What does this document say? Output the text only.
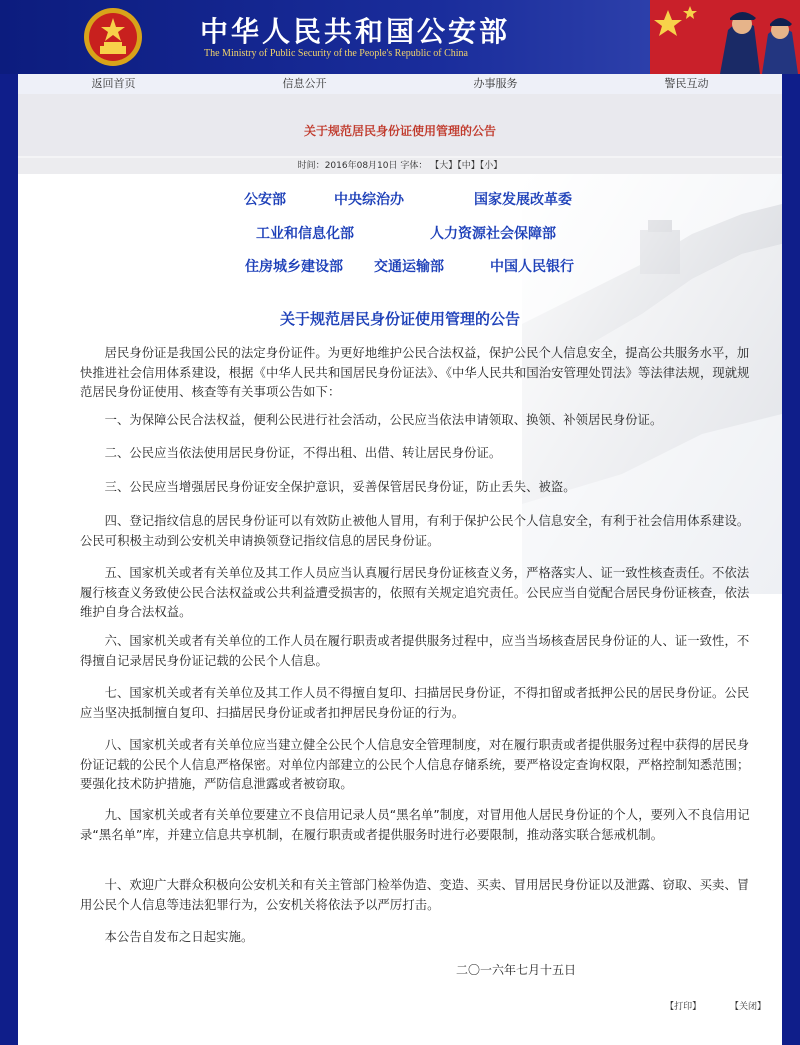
中华人民共和国公安部
The Ministry of Public Security of the People's Republic of China
返回首页	信息公开	办事服务	警民互动
关于规范居民身份证使用管理的公告
时间：2016年08月10日 字体： 【大】【中】【小】
公安部	中央综治办	国家发展改革委
工业和信息化部	人力资源社会保障部
住房城乡建设部 交通运输部	中国人民银行
关于规范居民身份证使用管理的公告
居民身份证是我国公民的法定身份证件。为更好地维护公民合法权益，保护公民个人信息安全，提高公共服务水平，加快推进社会信用体系建设，根据《中华人民共和国居民身份证法》、《中华人民共和国治安管理处罚法》等法律法规，现就规范居民身份证使用、核查等有关事项公告如下：
一、为保障公民合法权益，便利公民进行社会活动，公民应当依法申请领取、换领、补领居民身份证。
二、公民应当依法使用居民身份证，不得出租、出借、转让居民身份证。
三、公民应当增强居民身份证安全保护意识，妥善保管居民身份证，防止丢失、被盗。
四、登记指纹信息的居民身份证可以有效防止被他人冒用，有利于保护公民个人信息安全，有利于社会信用体系建设。公民可积极主动到公安机关申请换领登记指纹信息的居民身份证。
五、国家机关或者有关单位及其工作人员应当认真履行居民身份证核查义务，严格落实人、证一致性核查责任。不依法履行核查义务致使公民合法权益或公共利益遭受损害的，依照有关规定追究责任。公民应当自觉配合居民身份证核查，依法维护自身合法权益。
六、国家机关或者有关单位的工作人员在履行职责或者提供服务过程中，应当当场核查居民身份证的人、证一致性，不得擅自记录居民身份证记载的公民个人信息。
七、国家机关或者有关单位及其工作人员不得擅自复印、扫描居民身份证，不得扣留或者抵押公民的居民身份证。公民应当坚决抵制擅自复印、扫描居民身份证或者扣押居民身份证的行为。
八、国家机关或者有关单位应当建立健全公民个人信息安全管理制度，对在履行职责或者提供服务过程中获得的居民身份证记载的公民个人信息严格保密。对单位内部建立的公民个人信息存储系统，要严格设定查询权限，严格控制知悉范围；要强化技术防护措施，严防信息泄露或者被窃取。
九、国家机关或者有关单位要建立不良信用记录人员“黑名单”制度，对冒用他人居民身份证的个人，要列入不良信用记录“黑名单”库，并建立信息共享机制，在履行职责或者提供服务时进行必要限制，推动落实联合惩戒机制。
十、欢迎广大群众积极向公安机关和有关主管部门检举伪造、变造、买卖、冒用居民身份证以及泄露、窃取、买卖、冒用公民个人信息等违法犯罪行为，公安机关将依法予以严厉打击。
本公告自发布之日起实施。
二〇一六年七月十五日
【打印】	【关闭】
